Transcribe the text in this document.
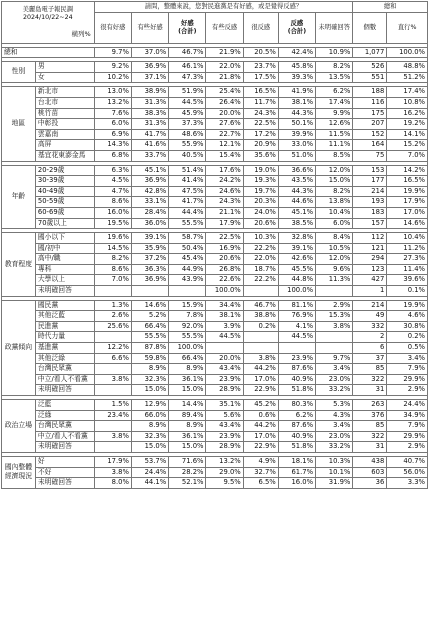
美麗島電子報民調
2024/10/22~24
橫列%		請問，整體來說，您對民進黨是有好感，或是覺得反感？							總和	
		很有好感	有些好感	好感
(合計)	有些反感	很反感	反感
(合計)	未明確回答	個數	直行%

總和		9.7%	37.0%	46.7%	21.9%	20.5%	42.4%	10.9%	1,077	100.0%

性別	男	9.2%	36.9%	46.1%	22.0%	23.7%	45.8%	8.2%	526	48.8%
	女	10.2%	37.1%	47.3%	21.8%	17.5%	39.3%	13.5%	551	51.2%

地區	新北市	13.0%	38.9%	51.9%	25.4%	16.5%	41.9%	6.2%	188	17.4%
	台北市	13.2%	31.3%	44.5%	26.4%	11.7%	38.1%	17.4%	116	10.8%
	桃竹苗	7.6%	38.3%	45.9%	20.0%	24.3%	44.3%	9.9%	175	16.2%
	中彰投	6.0%	31.3%	37.3%	27.6%	22.5%	50.1%	12.6%	207	19.2%
	雲嘉南	6.9%	41.7%	48.6%	22.7%	17.2%	39.9%	11.5%	152	14.1%
	高屏	14.3%	41.6%	55.9%	12.1%	20.9%	33.0%	11.1%	164	15.2%
	基宜花東澎金馬	6.8%	33.7%	40.5%	15.4%	35.6%	51.0%	8.5%	75	7.0%

年齡	20-29歲	6.3%	45.1%	51.4%	17.6%	19.0%	36.6%	12.0%	153	14.2%
	30-39歲	4.5%	36.9%	41.4%	24.2%	19.3%	43.5%	15.0%	177	16.5%
	40-49歲	4.7%	42.8%	47.5%	24.6%	19.7%	44.3%	8.2%	214	19.9%
	50-59歲	8.6%	33.1%	41.7%	24.3%	20.3%	44.6%	13.8%	193	17.9%
	60-69歲	16.0%	28.4%	44.4%	21.1%	24.0%	45.1%	10.4%	183	17.0%
	70歲以上	19.5%	36.0%	55.5%	17.9%	20.6%	38.5%	6.0%	157	14.6%

教育程度	國小以下	19.6%	39.1%	58.7%	22.5%	10.3%	32.8%	8.4%	112	10.4%
	國/初中	14.5%	35.9%	50.4%	16.9%	22.2%	39.1%	10.5%	121	11.2%
	高中/職	8.2%	37.2%	45.4%	20.6%	22.0%	42.6%	12.0%	294	27.3%
	專科	8.6%	36.3%	44.9%	26.8%	18.7%	45.5%	9.6%	123	11.4%
	大學以上	7.0%	36.9%	43.9%	22.6%	22.2%	44.8%	11.3%	427	39.6%
	未明確回答				100.0%		100.0%		1	0.1%

政黨傾向	國民黨	1.3%	14.6%	15.9%	34.4%	46.7%	81.1%	2.9%	214	19.9%
	其他泛藍	2.6%	5.2%	7.8%	38.1%	38.8%	76.9%	15.3%	49	4.6%
	民進黨	25.6%	66.4%	92.0%	3.9%	0.2%	4.1%	3.8%	332	30.8%
	時代力量		55.5%	55.5%	44.5%		44.5%		2	0.2%
	基進黨	12.2%	87.8%	100.0%					6	0.5%
	其他泛綠	6.6%	59.8%	66.4%	20.0%	3.8%	23.9%	9.7%	37	3.4%
	台灣民眾黨		8.9%	8.9%	43.4%	44.2%	87.6%	3.4%	85	7.9%
	中立/看人不看黨	3.8%	32.3%	36.1%	23.9%	17.0%	40.9%	23.0%	322	29.9%
	未明確回答		15.0%	15.0%	28.9%	22.9%	51.8%	33.2%	31	2.9%

政治立場	泛藍	1.5%	12.9%	14.4%	35.1%	45.2%	80.3%	5.3%	263	24.4%
	泛綠	23.4%	66.0%	89.4%	5.6%	0.6%	6.2%	4.3%	376	34.9%
	台灣民眾黨		8.9%	8.9%	43.4%	44.2%	87.6%	3.4%	85	7.9%
	中立/看人不看黨	3.8%	32.3%	36.1%	23.9%	17.0%	40.9%	23.0%	322	29.9%
	未明確回答		15.0%	15.0%	28.9%	22.9%	51.8%	33.2%	31	2.9%

國內整體經濟現況	好	17.9%	53.7%	71.6%	13.2%	4.9%	18.1%	10.3%	438	40.7%
	不好	3.8%	24.4%	28.2%	29.0%	32.7%	61.7%	10.1%	603	56.0%
	未明確回答	8.0%	44.1%	52.1%	9.5%	6.5%	16.0%	31.9%	36	3.3%
